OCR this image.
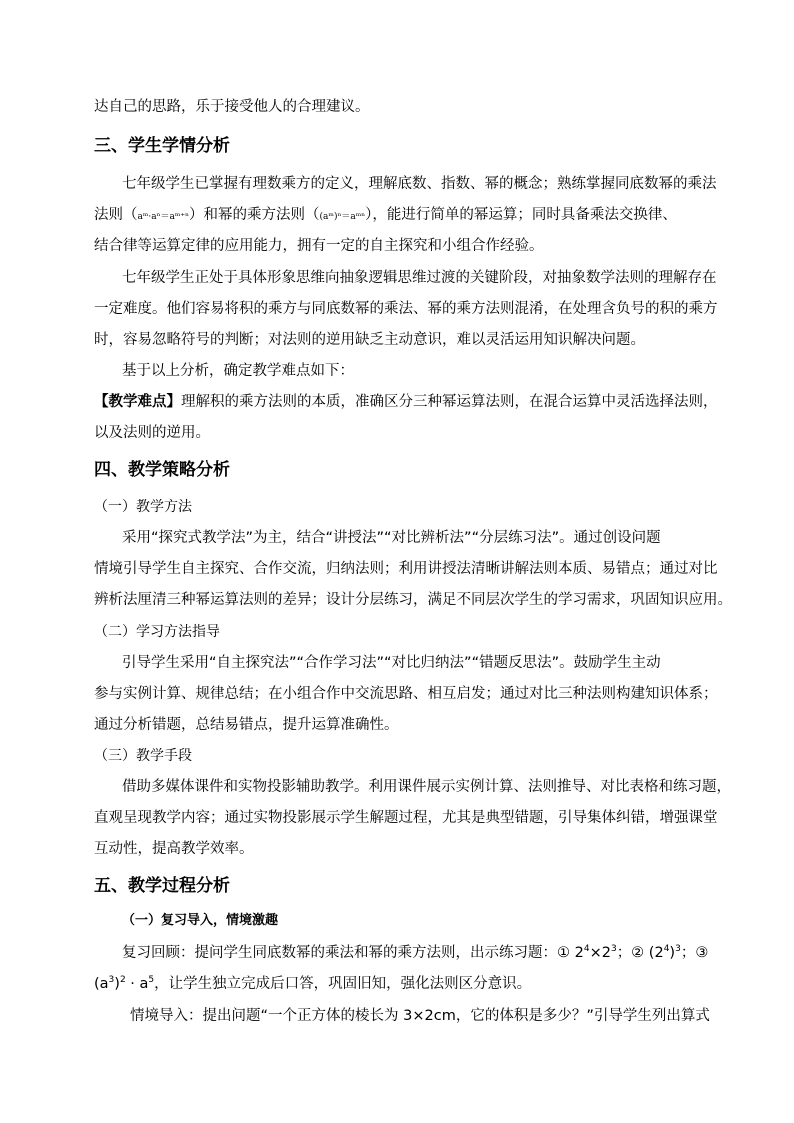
达自己的思路，乐于接受他人的合理建议。
三、学生学情分析
七年级学生已掌握有理数乘方的定义，理解底数、指数、幂的概念；熟练掌握同底数幂的乘法
法则（aᵐ·aⁿ＝aᵐ⁺ⁿ）和幂的乘方法则（(aᵐ)ⁿ＝aᵐⁿ），能进行简单的幂运算；同时具备乘法交换律、
结合律等运算定律的应用能力，拥有一定的自主探究和小组合作经验。
七年级学生正处于具体形象思维向抽象逻辑思维过渡的关键阶段，对抽象数学法则的理解存在
一定难度。他们容易将积的乘方与同底数幂的乘法、幂的乘方法则混淆，在处理含负号的积的乘方
时，容易忽略符号的判断；对法则的逆用缺乏主动意识，难以灵活运用知识解决问题。
基于以上分析，确定教学难点如下：
【教学难点】理解积的乘方法则的本质，准确区分三种幂运算法则，在混合运算中灵活选择法则，
以及法则的逆用。
四、教学策略分析
（一）教学方法
采用“探究式教学法”为主，结合“讲授法”“对比辨析法”“分层练习法”。通过创设问题
情境引导学生自主探究、合作交流，归纳法则；利用讲授法清晰讲解法则本质、易错点；通过对比
辨析法厘清三种幂运算法则的差异；设计分层练习，满足不同层次学生的学习需求，巩固知识应用。
（二）学习方法指导
引导学生采用“自主探究法”“合作学习法”“对比归纳法”“错题反思法”。鼓励学生主动
参与实例计算、规律总结；在小组合作中交流思路、相互启发；通过对比三种法则构建知识体系；
通过分析错题，总结易错点，提升运算准确性。
（三）教学手段
借助多媒体课件和实物投影辅助教学。利用课件展示实例计算、法则推导、对比表格和练习题，
直观呈现教学内容；通过实物投影展示学生解题过程，尤其是典型错题，引导集体纠错，增强课堂
互动性，提高教学效率。
五、教学过程分析
（一）复习导入，情境激趣
复习回顾：提问学生同底数幂的乘法和幂的乘方法则，出示练习题：① $2^4\times 2^3$；② $(2^4)^3$；③
$(a^3)^2 \cdot a^5$，让学生独立完成后口答，巩固旧知，强化法则区分意识。
情境导入：提出问题“一个正方体的棱长为 3×2cm，它的体积是多少？”引导学生列出算式
